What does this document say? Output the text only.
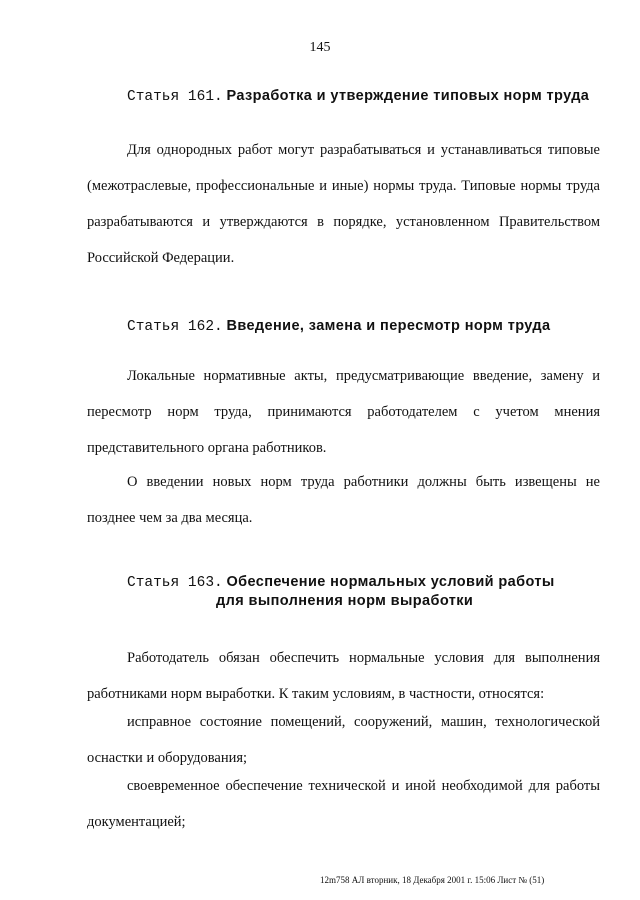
145
Статья 161. Разработка и утверждение типовых норм труда
Для однородных работ могут разрабатываться и устанавливаться типовые (межотраслевые, профессиональные и иные) нормы труда. Типовые нормы труда разрабатываются и утверждаются в порядке, установленном Правительством Российской Федерации.
Статья 162. Введение, замена и пересмотр норм труда
Локальные нормативные акты, предусматривающие введение, замену и пересмотр норм труда, принимаются работодателем с учетом мнения представительного органа работников.
О введении новых норм труда работники должны быть извещены не позднее чем за два месяца.
Статья 163. Обеспечение нормальных условий работы
для выполнения норм выработки
Работодатель обязан обеспечить нормальные условия для выполнения работниками норм выработки. К таким условиям, в частности, относятся:
исправное состояние помещений, сооружений, машин, технологической оснастки и оборудования;
своевременное обеспечение технической и иной необходимой для работы документацией;
12m758 АЛ вторник, 18 Декабря 2001 г. 15:06 Лист № (51)
